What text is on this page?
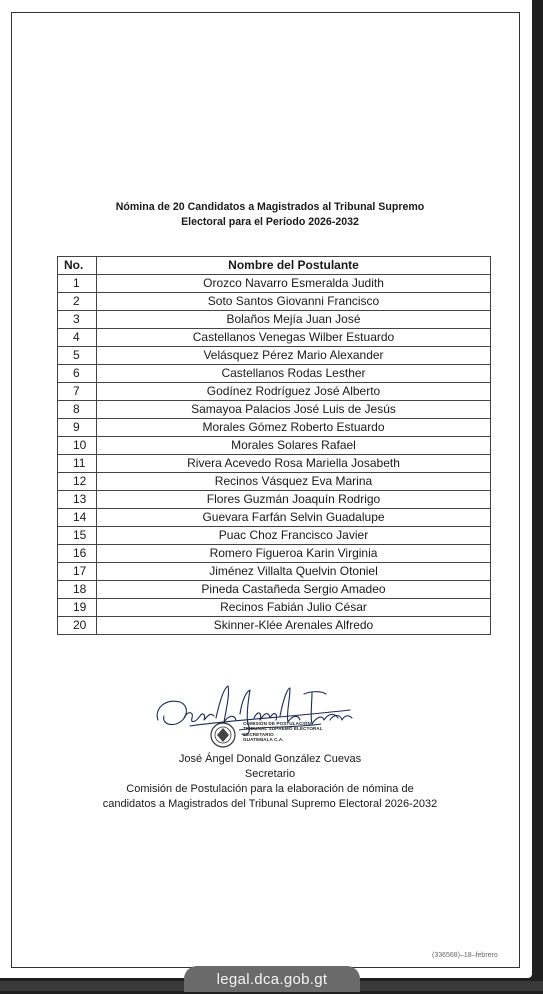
Nómina de 20 Candidatos a Magistrados al Tribunal Supremo
Electoral para el Período 2026-2032
No.	Nombre del Postulante
1	Orozco Navarro Esmeralda Judith
2	Soto Santos Giovanni Francisco
3	Bolaños Mejía Juan José
4	Castellanos Venegas Wilber Estuardo
5	Velásquez Pérez Mario Alexander
6	Castellanos Rodas Lesther
7	Godínez Rodríguez José Alberto
8	Samayoa Palacios José Luis de Jesús
9	Morales Gómez Roberto Estuardo
10	Morales Solares Rafael
11	Rivera Acevedo Rosa Mariella Josabeth
12	Recinos Vásquez Eva Marina
13	Flores Guzmán Joaquín Rodrigo
14	Guevara Farfán Selvin Guadalupe
15	Puac Choz Francisco Javier
16	Romero Figueroa Karin Virginia
17	Jiménez Villalta Quelvin Otoniel
18	Pineda Castañeda Sergio Amadeo
19	Recinos Fabián Julio César
20	Skinner-Klée Arenales Alfredo
COMISIÓN DE POSTULACIÓN
TRIBUNAL SUPREMO ELECTORAL
SECRETARIO
GUATEMALA C.A.
José Ángel Donald González Cuevas
Secretario
Comisión de Postulación para la elaboración de nómina de
candidatos a Magistrados del Tribunal Supremo Electoral 2026-2032
(336568)–18–febrero
legal.dca.gob.gt
